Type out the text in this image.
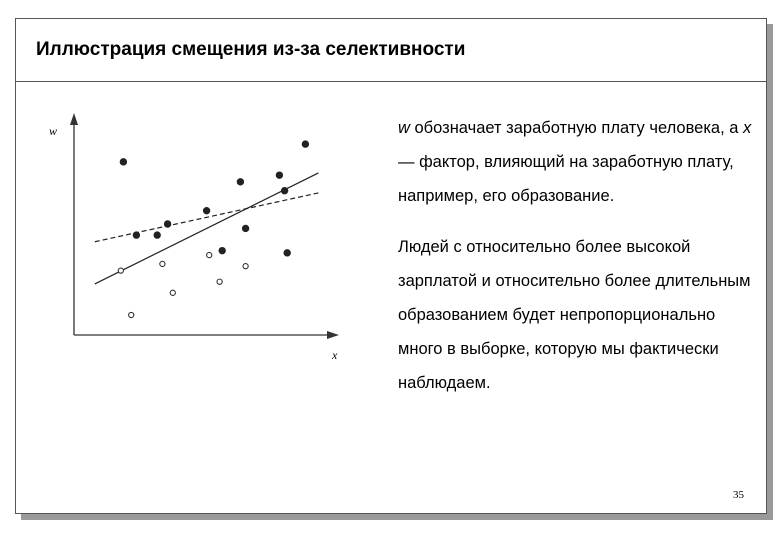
Иллюстрация смещения из-за селективности
w
x

w обозначает заработную плату человека, а x — фактор, влияющий на заработную плату, например, его образование.

Людей с относительно более высокой зарплатой и относительно более длительным образованием будет непропорционально много в выборке, которую мы фактически наблюдаем.

35
